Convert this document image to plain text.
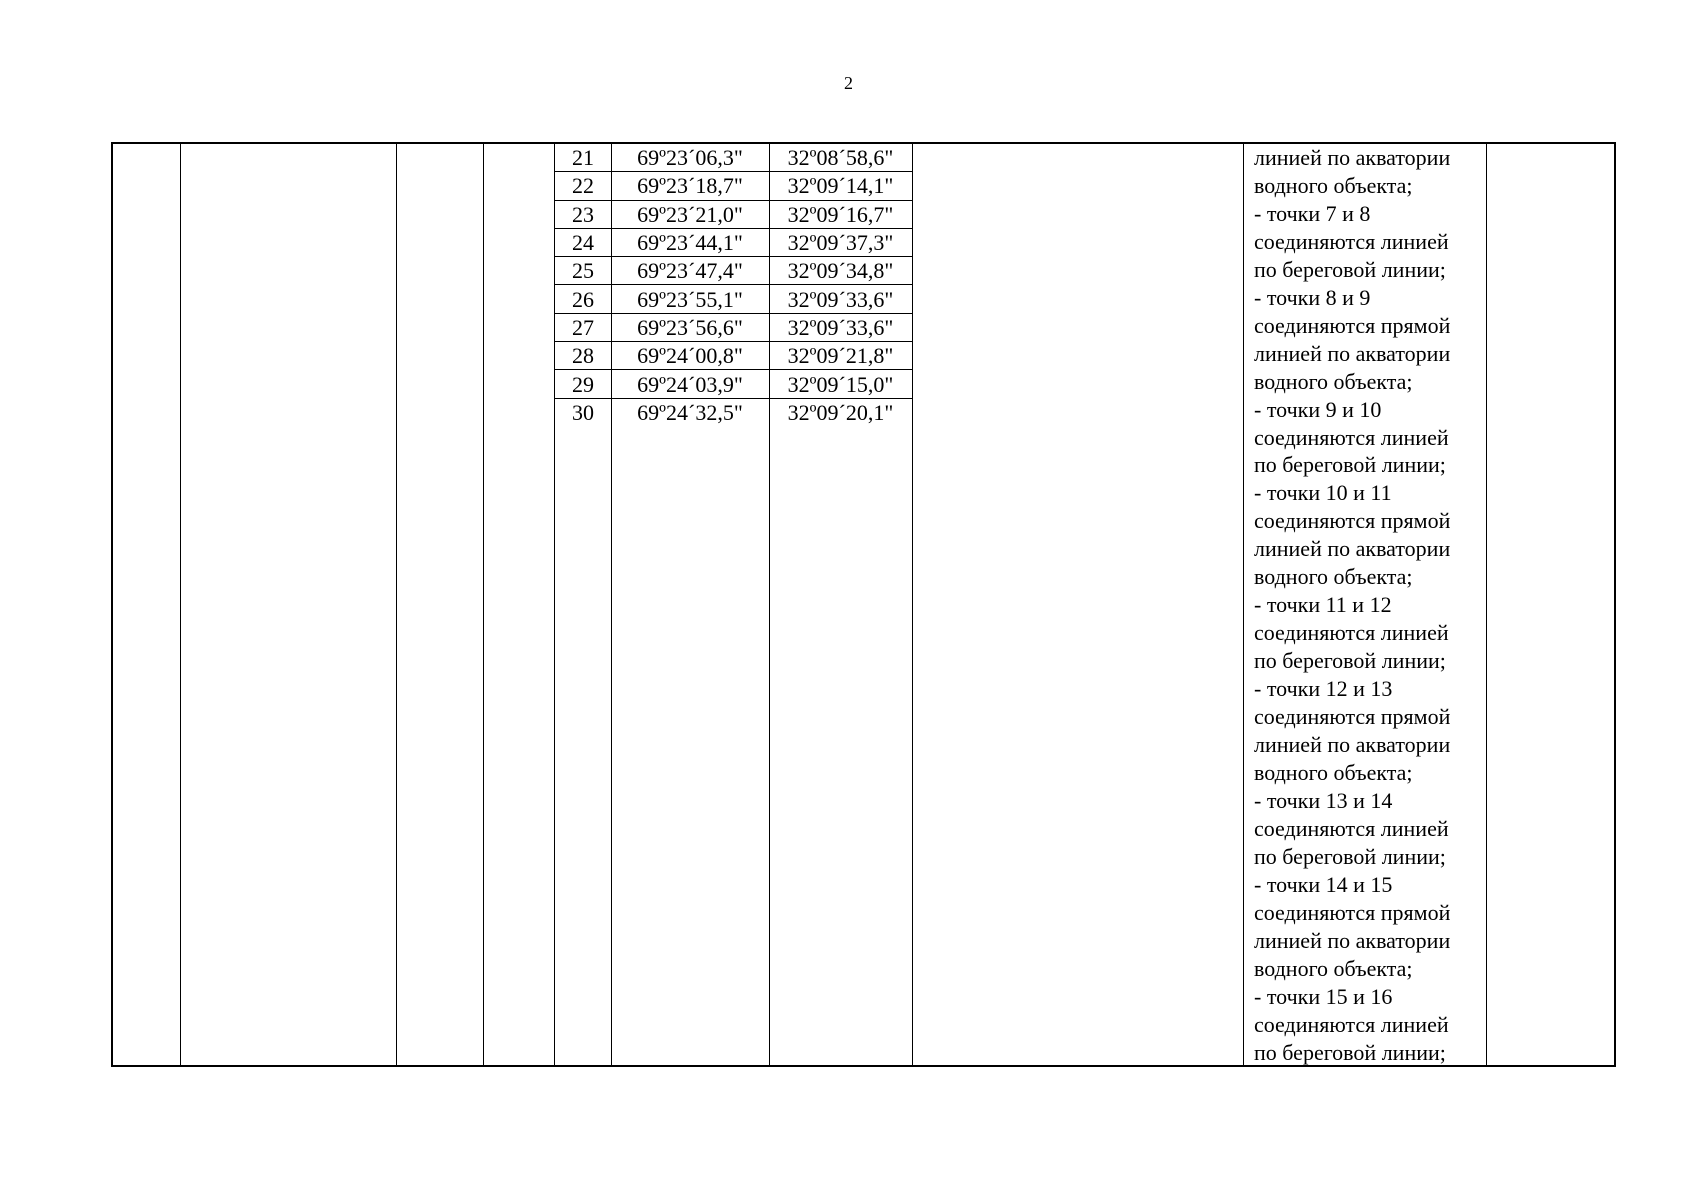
2
21	69º23´06,3"	32º08´58,6"
22	69º23´18,7"	32º09´14,1"
23	69º23´21,0"	32º09´16,7"
24	69º23´44,1"	32º09´37,3"
25	69º23´47,4"	32º09´34,8"
26	69º23´55,1"	32º09´33,6"
27	69º23´56,6"	32º09´33,6"
28	69º24´00,8"	32º09´21,8"
29	69º24´03,9"	32º09´15,0"
30	69º24´32,5"	32º09´20,1"
линией по акватории
водного объекта;
- точки 7 и 8
соединяются линией
по береговой линии;
- точки 8 и 9
соединяются прямой
линией по акватории
водного объекта;
- точки 9 и 10
соединяются линией
по береговой линии;
- точки 10 и 11
соединяются прямой
линией по акватории
водного объекта;
- точки 11 и 12
соединяются линией
по береговой линии;
- точки 12 и 13
соединяются прямой
линией по акватории
водного объекта;
- точки 13 и 14
соединяются линией
по береговой линии;
- точки 14 и 15
соединяются прямой
линией по акватории
водного объекта;
- точки 15 и 16
соединяются линией
по береговой линии;
